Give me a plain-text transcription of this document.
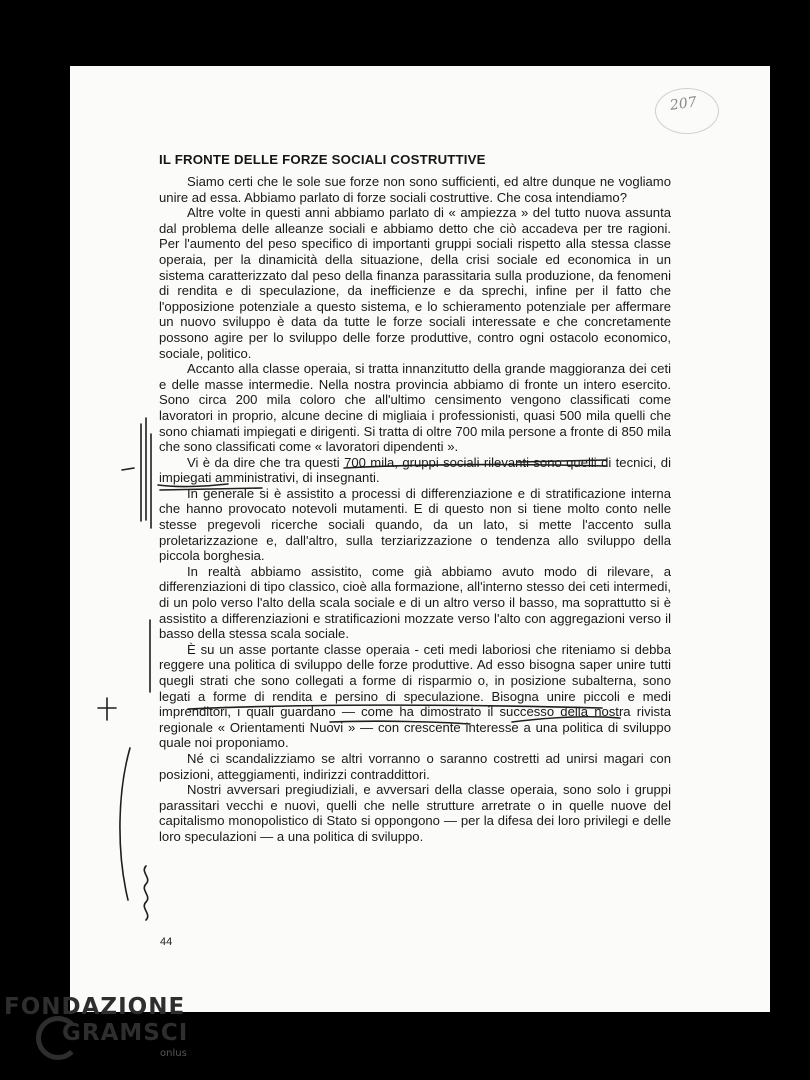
207
IL FRONTE DELLE FORZE SOCIALI COSTRUTTIVE

Siamo certi che le sole sue forze non sono sufficienti, ed altre dunque ne vogliamo unire ad essa. Abbiamo parlato di forze sociali costruttive. Che cosa intendiamo?

Altre volte in questi anni abbiamo parlato di « ampiezza » del tutto nuova assunta dal problema delle alleanze sociali e abbiamo detto che ciò accadeva per tre ragioni. Per l'aumento del peso specifico di importanti gruppi sociali rispetto alla stessa classe operaia, per la dinamicità della situazione, della crisi sociale ed economica in un sistema caratterizzato dal peso della finanza parassitaria sulla produzione, da fenomeni di rendita e di speculazione, da inefficienze e da sprechi, infine per il fatto che l'opposizione potenziale a questo sistema, e lo schieramento potenziale per affermare un nuovo sviluppo è data da tutte le forze sociali interessate e che concretamente possono agire per lo sviluppo delle forze produttive, contro ogni ostacolo economico, sociale, politico.

Accanto alla classe operaia, si tratta innanzitutto della grande maggioranza dei ceti e delle masse intermedie. Nella nostra provincia abbiamo di fronte un intero esercito. Sono circa 200 mila coloro che all'ultimo censimento vengono classificati come lavoratori in proprio, alcune decine di migliaia i professionisti, quasi 500 mila quelli che sono chiamati impiegati e dirigenti. Si tratta di oltre 700 mila persone a fronte di 850 mila che sono classificati come « lavoratori dipendenti ».

Vi è da dire che tra questi 700 mila, gruppi sociali rilevanti sono quelli di tecnici, di impiegati amministrativi, di insegnanti.

In generale si è assistito a processi di differenziazione e di stratificazione interna che hanno provocato notevoli mutamenti. E di questo non si tiene molto conto nelle stesse pregevoli ricerche sociali quando, da un lato, si mette l'accento sulla proletarizzazione e, dall'altro, sulla terziarizzazione o tendenza allo sviluppo della piccola borghesia.

In realtà abbiamo assistito, come già abbiamo avuto modo di rilevare, a differenziazioni di tipo classico, cioè alla formazione, all'interno stesso dei ceti intermedi, di un polo verso l'alto della scala sociale e di un altro verso il basso, ma soprattutto si è assistito a differenziazioni e stratificazioni mozzate verso l'alto con aggregazioni verso il basso della stessa scala sociale.

È su un asse portante classe operaia - ceti medi laboriosi che riteniamo si debba reggere una politica di sviluppo delle forze produttive. Ad esso bisogna saper unire tutti quegli strati che sono collegati a forme di risparmio o, in posizione subalterna, sono legati a forme di rendita e persino di speculazione. Bisogna unire piccoli e medi imprenditori, i quali guardano — come ha dimostrato il successo della nostra rivista regionale « Orientamenti Nuovi » — con crescente interesse a una politica di sviluppo quale noi proponiamo.

Né ci scandalizziamo se altri vorranno o saranno costretti ad unirsi magari con posizioni, atteggiamenti, indirizzi contraddittori.

Nostri avversari pregiudiziali, e avversari della classe operaia, sono solo i gruppi parassitari vecchi e nuovi, quelli che nelle strutture arretrate o in quelle nuove del capitalismo monopolistico di Stato si oppongono — per la difesa dei loro privilegi e delle loro speculazioni — a una politica di sviluppo.

44
FONDAZIONE
GRAMSCI
onlus
